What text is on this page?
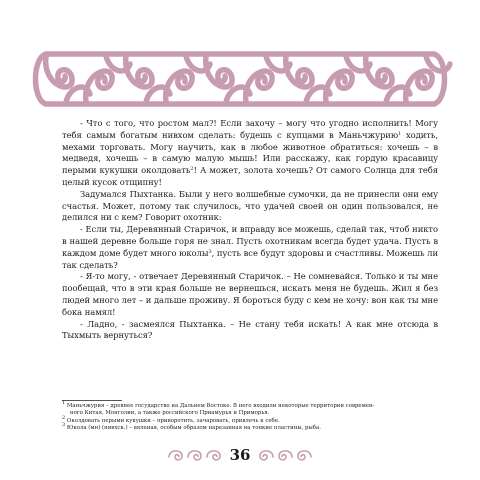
- Что с того, что ростом мал?! Если захочу – могу что угодно исполнить! Могу тебя самым богатым нивхом сделать: будешь с купцами в Маньчжурию$^1$ ходить, мехами торговать. Могу научить, как в любое животное обратиться: хочешь – в медведя, хочешь – в самую малую мышь! Или расскажу, как гордую красавицу перыми кукушки околдовать$^2$! А может, золота хочешь? От самого Солнца для тебя целый кусок отщипну!

Задумался Пыхтанка. Были у него волшебные сумочки, да не принесли они ему счастья. Может, потому так случилось, что удачей своей он один пользовался, не делился ни с кем? Говорит охотник:

- Если ты, Деревянный Старичок, и вправду все можешь, сделай так, чтоб никто в нашей деревне больше горя не знал. Пусть охотникам всегда будет удача. Пусть в каждом доме будет много юколы$^3$, пусть все будут здоровы и счастливы. Можешь ли так сделать?

- Я-то могу, - отвечает Деревянный Старичок. – Не сомневайся. Только и ты мне пообещай, что в эти края больше не вернешься, искать меня не будешь. Жил я без людей много лет – и дальше проживу. Я бороться буду с кем не хочу: вон как ты мне бока намял!

- Ладно, - засмеялся Пыхтанка. – Не стану тебя искать! А как мне отсюда в Тыхмыть вернуться?

$^1$ Маньчжурия – древнее государство на Дальнем Востоке. В него входили некоторые территории современ-
ного Китая, Монголии, а также российского Приамурья и Приморья.
$^2$ Околдовать перыми кукушки – приворотить, зачаровать, привлечь к себе.
$^3$ Юкола (мн) (нивхск.) – вяленая, особым образом нарезанная на тонкие пластины, рыба.
36
